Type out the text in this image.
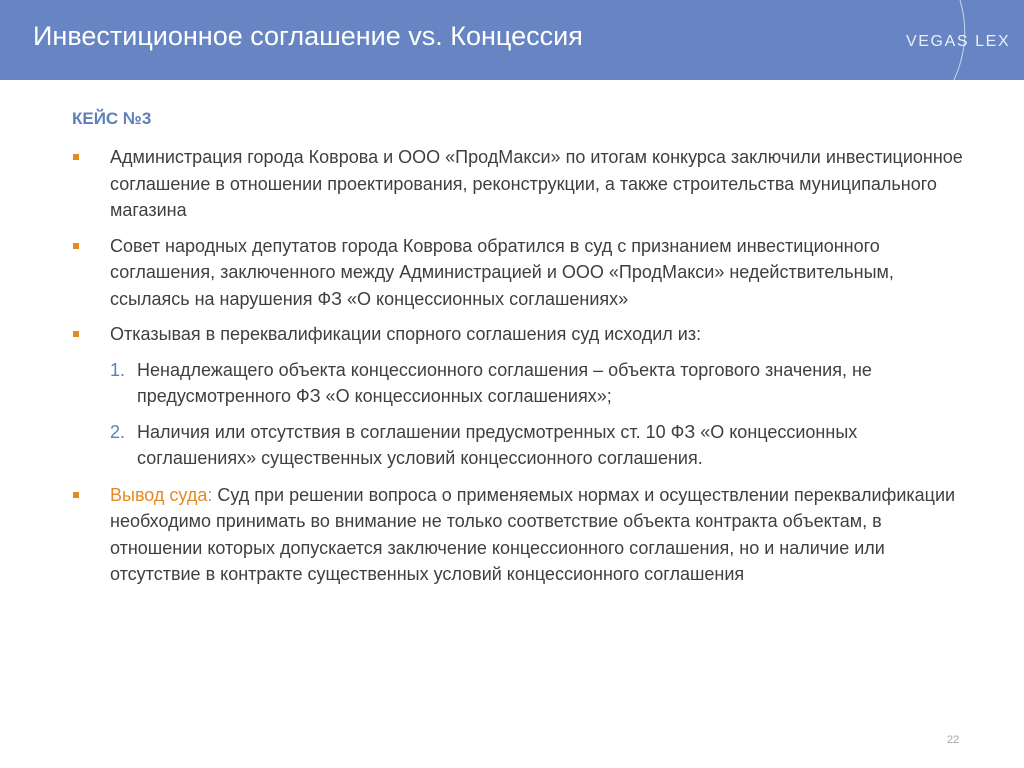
Инвестиционное соглашение vs. Концессия	VEGAS LEX
КЕЙС №3
Администрация города Коврова и ООО «ПродМакси» по итогам конкурса заключили инвестиционное соглашение в отношении проектирования, реконструкции, а также строительства муниципального магазина
Совет народных депутатов города Коврова обратился в суд с признанием инвестиционного соглашения, заключенного между Администрацией и ООО «ПродМакси» недействительным, ссылаясь на нарушения ФЗ «О концессионных соглашениях»
Отказывая в переквалификации спорного соглашения суд исходил из:
1. Ненадлежащего объекта концессионного соглашения – объекта торгового значения, не предусмотренного ФЗ «О концессионных соглашениях»;
2. Наличия или отсутствия в соглашении предусмотренных ст. 10 ФЗ «О концессионных соглашениях» существенных условий концессионного соглашения.
Вывод суда: Суд при решении вопроса о применяемых нормах и осуществлении переквалификации необходимо принимать во внимание не только соответствие объекта контракта объектам, в отношении которых допускается заключение концессионного соглашения, но и наличие или отсутствие в контракте существенных условий концессионного соглашения
22
